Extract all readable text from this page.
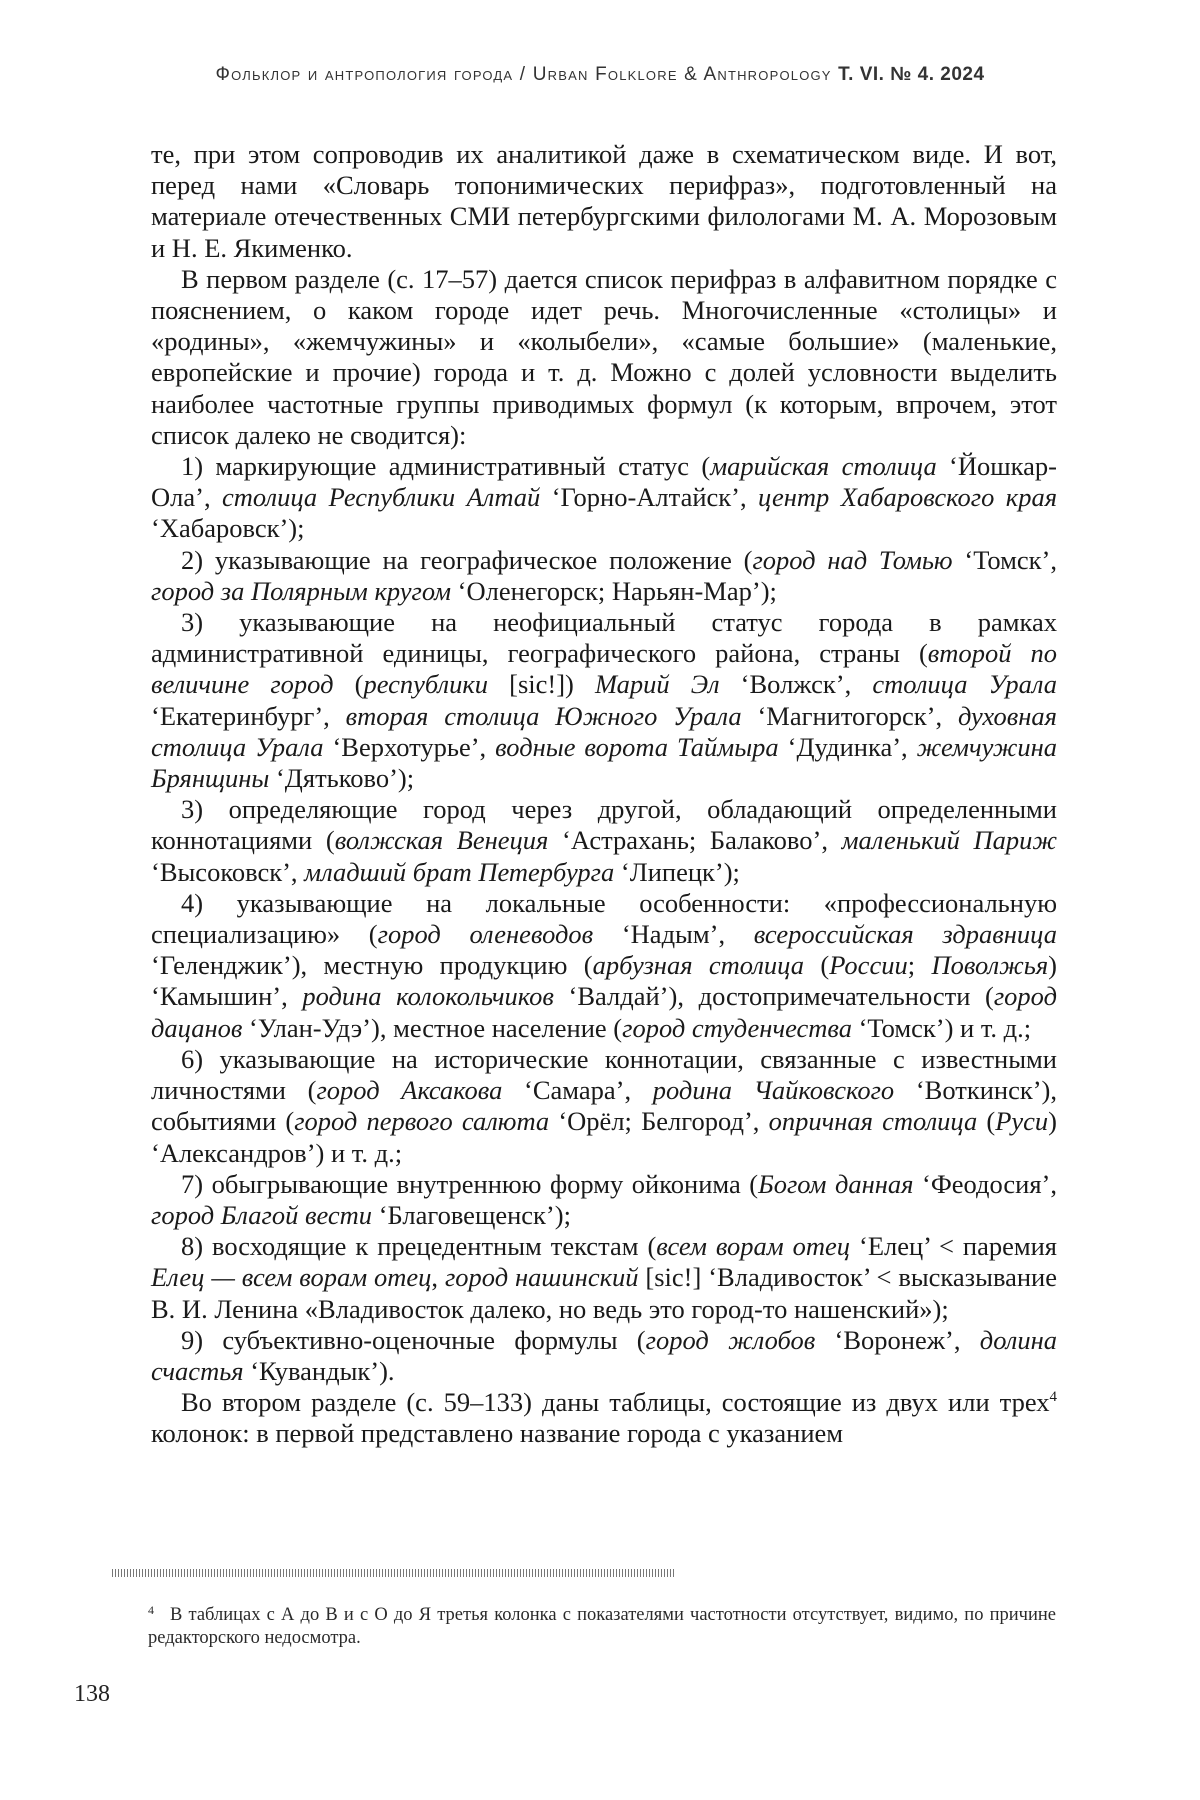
Фольклор и антропология города / Urban Folklore & Anthropology Т. VI. № 4. 2024

те, при этом сопроводив их аналитикой даже в схематическом виде. И вот, перед нами «Словарь топонимических перифраз», подготовленный на материале отечественных СМИ петербургскими филологами М. А. Морозовым и Н. Е. Якименко.

В первом разделе (с. 17–57) дается список перифраз в алфавитном порядке с пояснением, о каком городе идет речь. Многочисленные «столицы» и «родины», «жемчужины» и «колыбели», «самые большие» (маленькие, европейские и прочие) города и т. д. Можно с долей условности выделить наиболее частотные группы приводимых формул (к которым, впрочем, этот список далеко не сводится):

1) маркирующие административный статус (марийская столица ‘Йошкар-Ола’, столица Республики Алтай ‘Горно-Алтайск’, центр Хабаровского края ‘Хабаровск’);

2) указывающие на географическое положение (город над Томью ‘Томск’, город за Полярным кругом ‘Оленегорск; Нарьян-Мар’);

3) указывающие на неофициальный статус города в рамках административной единицы, географического района, страны (второй по величине город (республики [sic!]) Марий Эл ‘Волжск’, столица Урала ‘Екатеринбург’, вторая столица Южного Урала ‘Магнитогорск’, духовная столица Урала ‘Верхотурье’, водные ворота Таймыра ‘Дудинка’, жемчужина Брянщины ‘Дятьково’);

3) определяющие город через другой, обладающий определенными коннотациями (волжская Венеция ‘Астрахань; Балаково’, маленький Париж ‘Высоковск’, младший брат Петербурга ‘Липецк’);

4) указывающие на локальные особенности: «профессиональную специализацию» (город оленеводов ‘Надым’, всероссийская здравница ‘Геленджик’), местную продукцию (арбузная столица (России; Поволжья) ‘Камышин’, родина колокольчиков ‘Валдай’), достопримечательности (город дацанов ‘Улан-Удэ’), местное население (город студенчества ‘Томск’) и т. д.;

6) указывающие на исторические коннотации, связанные с известными личностями (город Аксакова ‘Самара’, родина Чайковского ‘Воткинск’), событиями (город первого салюта ‘Орёл; Белгород’, опричная столица (Руси) ‘Александров’) и т. д.;

7) обыгрывающие внутреннюю форму ойконима (Богом данная ‘Феодосия’, город Благой вести ‘Благовещенск’);

8) восходящие к прецедентным текстам (всем ворам отец ‘Елец’ < паремия Елец — всем ворам отец, город нашинский [sic!] ‘Владивосток’ < высказывание В. И. Ленина «Владивосток далеко, но ведь это город-то нашенский»);

9) субъективно-оценочные формулы (город жлобов ‘Воронеж’, долина счастья ‘Кувандык’).

Во втором разделе (с. 59–133) даны таблицы, состоящие из двух или трех4 колонок: в первой представлено название города с указанием

4 В таблицах с А до В и с О до Я третья колонка с показателями частотности отсутствует, видимо, по причине редакторского недосмотра.
138
